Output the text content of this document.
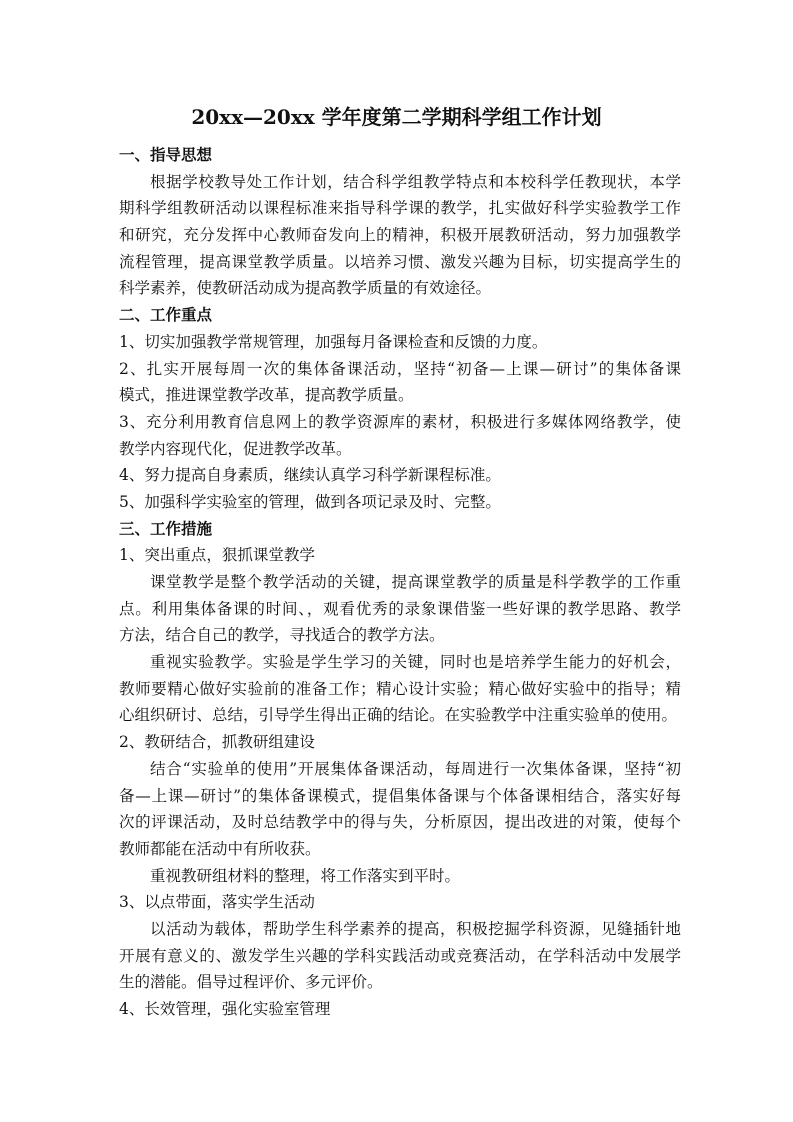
20xx—20xx 学年度第二学期科学组工作计划
一、指导思想
根据学校教导处工作计划，结合科学组教学特点和本校科学任教现状，本学
期科学组教研活动以课程标准来指导科学课的教学，扎实做好科学实验教学工作
和研究，充分发挥中心教师奋发向上的精神，积极开展教研活动，努力加强教学
流程管理，提高课堂教学质量。以培养习惯、激发兴趣为目标，切实提高学生的
科学素养，使教研活动成为提高教学质量的有效途径。
二、工作重点
1、切实加强教学常规管理，加强每月备课检查和反馈的力度。
2、扎实开展每周一次的集体备课活动，坚持“初备—上课—研讨”的集体备课
模式，推进课堂教学改革，提高教学质量。
3、充分利用教育信息网上的教学资源库的素材，积极进行多媒体网络教学，使
教学内容现代化，促进教学改革。
4、努力提高自身素质，继续认真学习科学新课程标准。
5、加强科学实验室的管理，做到各项记录及时、完整。
三、工作措施
1、突出重点，狠抓课堂教学
课堂教学是整个教学活动的关键，提高课堂教学的质量是科学教学的工作重
点。利用集体备课的时间、，观看优秀的录象课借鉴一些好课的教学思路、教学
方法，结合自己的教学，寻找适合的教学方法。
重视实验教学。实验是学生学习的关键，同时也是培养学生能力的好机会，
教师要精心做好实验前的准备工作；精心设计实验；精心做好实验中的指导；精
心组织研讨、总结，引导学生得出正确的结论。在实验教学中注重实验单的使用。
2、教研结合，抓教研组建设
结合“实验单的使用”开展集体备课活动，每周进行一次集体备课，坚持“初
备—上课—研讨”的集体备课模式，提倡集体备课与个体备课相结合，落实好每
次的评课活动，及时总结教学中的得与失，分析原因，提出改进的对策，使每个
教师都能在活动中有所收获。
重视教研组材料的整理，将工作落实到平时。
3、以点带面，落实学生活动
以活动为载体，帮助学生科学素养的提高，积极挖掘学科资源，见缝插针地
开展有意义的、激发学生兴趣的学科实践活动或竞赛活动，在学科活动中发展学
生的潜能。倡导过程评价、多元评价。
4、长效管理，强化实验室管理
